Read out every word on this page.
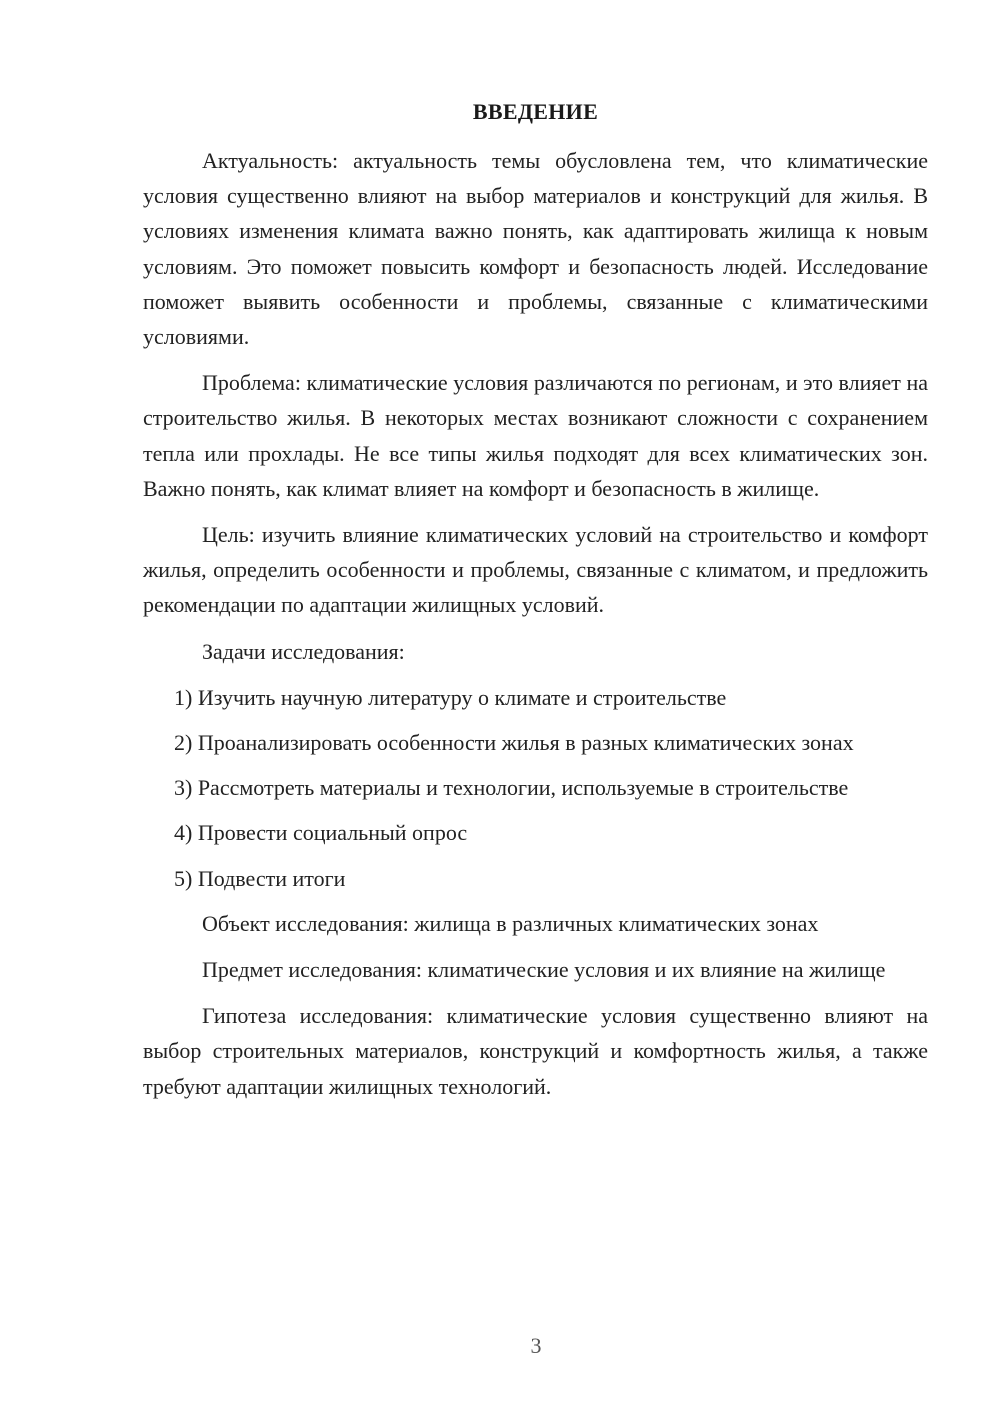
ВВЕДЕНИЕ

Актуальность: актуальность темы обусловлена тем, что климатические условия существенно влияют на выбор материалов и конструкций для жилья. В условиях изменения климата важно понять, как адаптировать жилища к новым условиям. Это поможет повысить комфорт и безопасность людей. Исследование поможет выявить особенности и проблемы, связанные с климатическими условиями.

Проблема: климатические условия различаются по регионам, и это влияет на строительство жилья. В некоторых местах возникают сложности с сохранением тепла или прохлады. Не все типы жилья подходят для всех климатических зон. Важно понять, как климат влияет на комфорт и безопасность в жилище.

Цель: изучить влияние климатических условий на строительство и комфорт жилья, определить особенности и проблемы, связанные с климатом, и предложить рекомендации по адаптации жилищных условий.

Задачи исследования:

1) Изучить научную литературу о климате и строительстве

2) Проанализировать особенности жилья в разных климатических зонах

3) Рассмотреть материалы и технологии, используемые в строительстве

4) Провести социальный опрос

5) Подвести итоги

Объект исследования: жилища в различных климатических зонах

Предмет исследования: климатические условия и их влияние на жилище

Гипотеза исследования: климатические условия существенно влияют на выбор строительных материалов, конструкций и комфортность жилья, а также требуют адаптации жилищных технологий.

3
